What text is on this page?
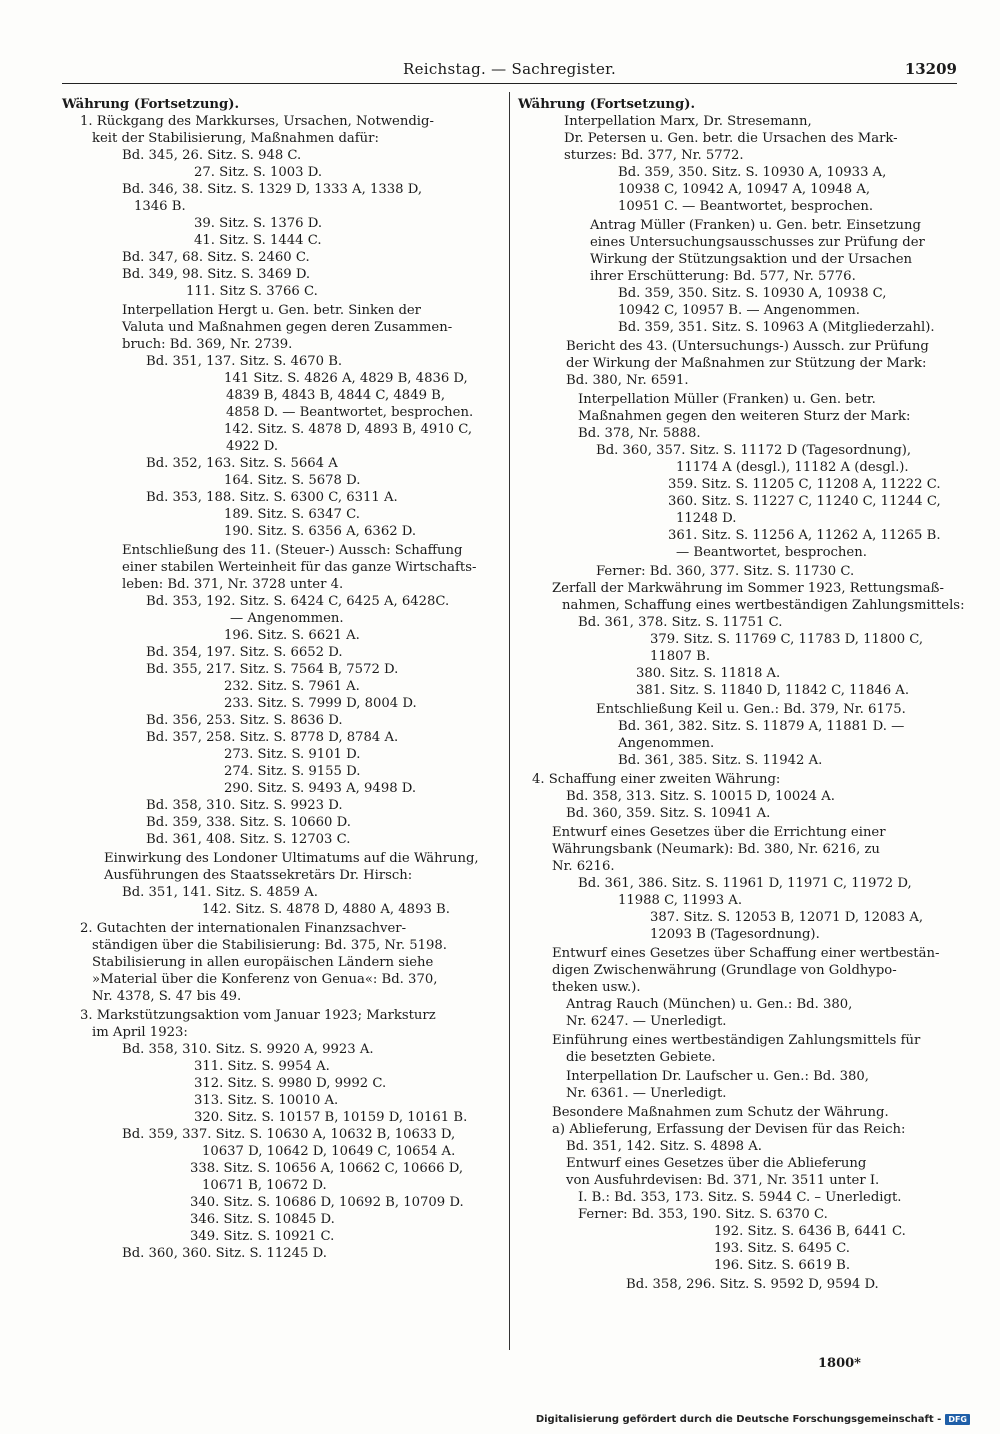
Reichstag. — Sachregister.	13209
Währung (Fortsetzung).
1. Rückgang des Markkurses, Ursachen, Notwendig-
keit der Stabilisierung, Maßnahmen dafür:
Bd. 345, 26. Sitz. S. 948 C.
27. Sitz. S. 1003 D.
Bd. 346, 38. Sitz. S. 1329 D, 1333 A, 1338 D,
1346 B.
39. Sitz. S. 1376 D.
41. Sitz. S. 1444 C.
Bd. 347, 68. Sitz. S. 2460 C.
Bd. 349, 98. Sitz. S. 3469 D.
111. Sitz S. 3766 C.
Interpellation Hergt u. Gen. betr. Sinken der
Valuta und Maßnahmen gegen deren Zusammen-
bruch: Bd. 369, Nr. 2739.
Bd. 351, 137. Sitz. S. 4670 B.
141 Sitz. S. 4826 A, 4829 B, 4836 D,
4839 B, 4843 B, 4844 C, 4849 B,
4858 D. — Beantwortet, besprochen.
142. Sitz. S. 4878 D, 4893 B, 4910 C,
4922 D.
Bd. 352, 163. Sitz. S. 5664 A
164. Sitz. S. 5678 D.
Bd. 353, 188. Sitz. S. 6300 C, 6311 A.
189. Sitz. S. 6347 C.
190. Sitz. S. 6356 A, 6362 D.
Entschließung des 11. (Steuer-) Aussch: Schaffung
einer stabilen Werteinheit für das ganze Wirtschafts-
leben: Bd. 371, Nr. 3728 unter 4.
Bd. 353, 192. Sitz. S. 6424 C, 6425 A, 6428C.
— Angenommen.
196. Sitz. S. 6621 A.
Bd. 354, 197. Sitz. S. 6652 D.
Bd. 355, 217. Sitz. S. 7564 B, 7572 D.
232. Sitz. S. 7961 A.
233. Sitz. S. 7999 D, 8004 D.
Bd. 356, 253. Sitz. S. 8636 D.
Bd. 357, 258. Sitz. S. 8778 D, 8784 A.
273. Sitz. S. 9101 D.
274. Sitz. S. 9155 D.
290. Sitz. S. 9493 A, 9498 D.
Bd. 358, 310. Sitz. S. 9923 D.
Bd. 359, 338. Sitz. S. 10660 D.
Bd. 361, 408. Sitz. S. 12703 C.
Einwirkung des Londoner Ultimatums auf die Währung,
Ausführungen des Staatssekretärs Dr. Hirsch:
Bd. 351, 141. Sitz. S. 4859 A.
142. Sitz. S. 4878 D, 4880 A, 4893 B.
2. Gutachten der internationalen Finanzsachver-
ständigen über die Stabilisierung: Bd. 375, Nr. 5198.
Stabilisierung in allen europäischen Ländern siehe
»Material über die Konferenz von Genua«: Bd. 370,
Nr. 4378, S. 47 bis 49.
3. Markstützungsaktion vom Januar 1923; Marksturz
im April 1923:
Bd. 358, 310. Sitz. S. 9920 A, 9923 A.
311. Sitz. S. 9954 A.
312. Sitz. S. 9980 D, 9992 C.
313. Sitz. S. 10010 A.
320. Sitz. S. 10157 B, 10159 D, 10161 B.
Bd. 359, 337. Sitz. S. 10630 A, 10632 B, 10633 D,
10637 D, 10642 D, 10649 C, 10654 A.
338. Sitz. S. 10656 A, 10662 C, 10666 D,
10671 B, 10672 D.
340. Sitz. S. 10686 D, 10692 B, 10709 D.
346. Sitz. S. 10845 D.
349. Sitz. S. 10921 C.
Bd. 360, 360. Sitz. S. 11245 D.
Währung (Fortsetzung).
Interpellation Marx, Dr. Stresemann,
Dr. Petersen u. Gen. betr. die Ursachen des Mark-
sturzes: Bd. 377, Nr. 5772.
Bd. 359, 350. Sitz. S. 10930 A, 10933 A,
10938 C, 10942 A, 10947 A, 10948 A,
10951 C. — Beantwortet, besprochen.
Antrag Müller (Franken) u. Gen. betr. Einsetzung
eines Untersuchungsausschusses zur Prüfung der
Wirkung der Stützungsaktion und der Ursachen
ihrer Erschütterung: Bd. 577, Nr. 5776.
Bd. 359, 350. Sitz. S. 10930 A, 10938 C,
10942 C, 10957 B. — Angenommen.
Bd. 359, 351. Sitz. S. 10963 A (Mitgliederzahl).
Bericht des 43. (Untersuchungs-) Aussch. zur Prüfung
der Wirkung der Maßnahmen zur Stützung der Mark:
Bd. 380, Nr. 6591.
Interpellation Müller (Franken) u. Gen. betr.
Maßnahmen gegen den weiteren Sturz der Mark:
Bd. 378, Nr. 5888.
Bd. 360, 357. Sitz. S. 11172 D (Tagesordnung),
11174 A (desgl.), 11182 A (desgl.).
359. Sitz. S. 11205 C, 11208 A, 11222 C.
360. Sitz. S. 11227 C, 11240 C, 11244 C,
11248 D.
361. Sitz. S. 11256 A, 11262 A, 11265 B.
— Beantwortet, besprochen.
Ferner: Bd. 360, 377. Sitz. S. 11730 C.
Zerfall der Markwährung im Sommer 1923, Rettungsmaß-
nahmen, Schaffung eines wertbeständigen Zahlungsmittels:
Bd. 361, 378. Sitz. S. 11751 C.
379. Sitz. S. 11769 C, 11783 D, 11800 C,
11807 B.
380. Sitz. S. 11818 A.
381. Sitz. S. 11840 D, 11842 C, 11846 A.
Entschließung Keil u. Gen.: Bd. 379, Nr. 6175.
Bd. 361, 382. Sitz. S. 11879 A, 11881 D. —
Angenommen.
Bd. 361, 385. Sitz. S. 11942 A.
4. Schaffung einer zweiten Währung:
Bd. 358, 313. Sitz. S. 10015 D, 10024 A.
Bd. 360, 359. Sitz. S. 10941 A.
Entwurf eines Gesetzes über die Errichtung einer
Währungsbank (Neumark): Bd. 380, Nr. 6216, zu
Nr. 6216.
Bd. 361, 386. Sitz. S. 11961 D, 11971 C, 11972 D,
11988 C, 11993 A.
387. Sitz. S. 12053 B, 12071 D, 12083 A,
12093 B (Tagesordnung).
Entwurf eines Gesetzes über Schaffung einer wertbestän-
digen Zwischenwährung (Grundlage von Goldhypo-
theken usw.).
Antrag Rauch (München) u. Gen.: Bd. 380,
Nr. 6247. — Unerledigt.
Einführung eines wertbeständigen Zahlungsmittels für
die besetzten Gebiete.
Interpellation Dr. Laufscher u. Gen.: Bd. 380,
Nr. 6361. — Unerledigt.
Besondere Maßnahmen zum Schutz der Währung.
a) Ablieferung, Erfassung der Devisen für das Reich:
Bd. 351, 142. Sitz. S. 4898 A.
Entwurf eines Gesetzes über die Ablieferung
von Ausfuhrdevisen: Bd. 371, Nr. 3511 unter I.
I. B.: Bd. 353, 173. Sitz. S. 5944 C. – Unerledigt.
Ferner: Bd. 353, 190. Sitz. S. 6370 C.
192. Sitz. S. 6436 B, 6441 C.
193. Sitz. S. 6495 C.
196. Sitz. S. 6619 B.
Bd. 358, 296. Sitz. S. 9592 D, 9594 D.
1800*
Digitalisierung gefördert durch die Deutsche Forschungsgemeinschaft - DFG
